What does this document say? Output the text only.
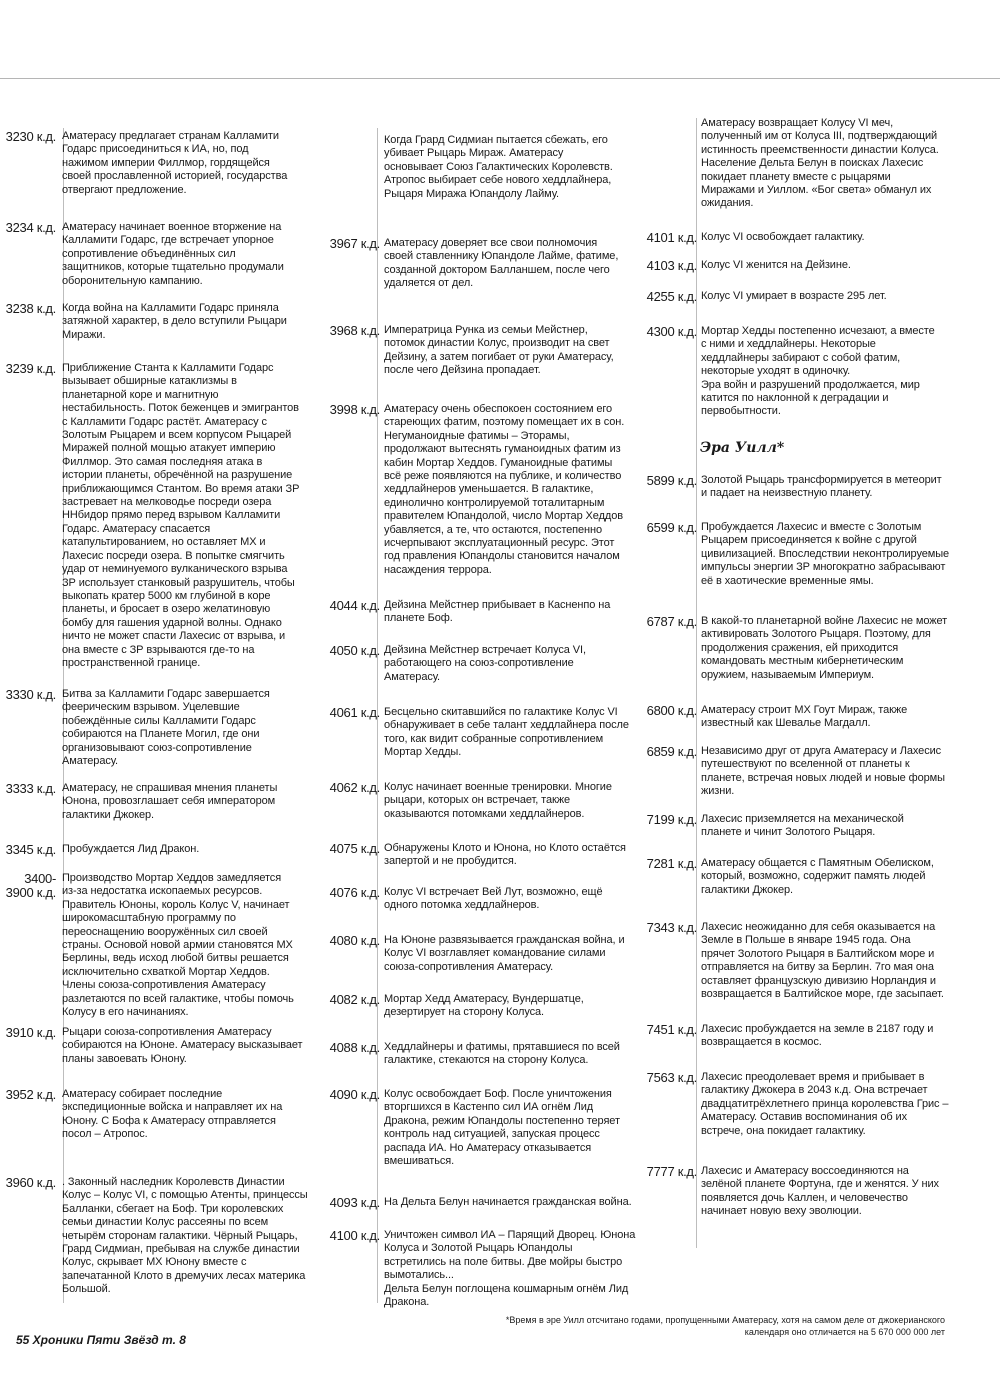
3230 к.д. Аматерасу предлагает странам Калламити
Годарс присоединиться к ИА, но, под
нажимом империи Филлмор, гордящейся
своей прославленной историей, государства
отвергают предложение.
3234 к.д. Аматерасу начинает военное вторжение на
Калламити Годарс, где встречает упорное
сопротивление объединённых сил
защитников, которые тщательно продумали
оборонительную кампанию.
3238 к.д. Когда война на Калламити Годарс приняла
затяжной характер, в дело вступили Рыцари
Миражи.
3239 к.д. Приближение Станта к Калламити Годарс
вызывает обширные катаклизмы в
планетарной коре и магнитную
нестабильность. Поток беженцев и эмигрантов
с Калламити Годарс растёт. Аматерасу с
Золотым Рыцарем и всем корпусом Рыцарей
Миражей полной мощью атакует империю
Филлмор. Это самая последняя атака в
истории планеты, обречённой на разрушение
приближающимся Стантом. Во время атаки ЗР
застревает на мелководье посреди озера
ННбидор прямо перед взрывом Калламити
Годарс. Аматерасу спасается
катапультированием, но оставляет МХ и
Лахесис посреди озера. В попытке смягчить
удар от неминуемого вулканического взрыва
ЗР использует станковый разрушитель, чтобы
выкопать кратер 5000 км глубиной в коре
планеты, и бросает в озеро желатиновую
бомбу для гашения ударной волны. Однако
ничто не может спасти Лахесис от взрыва, и
она вместе с ЗР взрываются где-то на
пространственной границе.
3330 к.д. Битва за Калламити Годарс завершается
феерическим взрывом. Уцелевшие
побеждённые силы Калламити Годарс
собираются на Планете Могил, где они
организовывают союз-сопротивление
Аматерасу.
3333 к.д. Аматерасу, не спрашивая мнения планеты
Юнона, провозглашает себя императором
галактики Джокер.
3345 к.д. Пробуждается Лид Дракон.
3400-
3900 к.д.
Производство Мортар Хеддов замедляется
из-за недостатка ископаемых ресурсов.
Правитель Юноны, король Колус V, начинает
широкомасштабную программу по
переоснащению вооружённых сил своей
страны. Основой новой армии становятся МХ
Берлины, ведь исход любой битвы решается
исключительно схваткой Мортар Хеддов.
Члены союза-сопротивления Аматерасу
разлетаются по всей галактике, чтобы помочь
Колусу в его начинаниях.
3910 к.д. Рыцари союза-сопротивления Аматерасу
собираются на Юноне. Аматерасу высказывает
планы завоевать Юнону.
3952 к.д. Аматерасу собирает последние
экспедиционные войска и направляет их на
Юнону. С Бофа к Аматерасу отправляется
посол – Атропос.
3960 к.д. . Законный наследник Королевств Династии
Колус – Колус VI, с помощью Атенты, принцессы
Балланки, сбегает на Боф. Три королевских
семьи династии Колус рассеяны по всем
четырём сторонам галактики. Чёрный Рыцарь,
Грард Сидмиан, пребывая на службе династии
Колус, скрывает МХ Юнону вместе с
запечатанной Клото в дремучих лесах материка
Большой.
Когда Грард Сидмиан пытается сбежать, его
убивает Рыцарь Мираж. Аматерасу
основывает Союз Галактических Королевств.
Атропос выбирает себе нового хеддлайнера,
Рыцаря Миража Юпандолу Лайму.
3967 к.д. Аматерасу доверяет все свои полномочия
своей ставленнику Юпандоле Лайме, фатиме,
созданной доктором Балланшем, после чего
удаляется от дел.
3968 к.д. Императрица Рунка из семьи Мейстнер,
потомок династии Колус, производит на свет
Дейзину, а затем погибает от руки Аматерасу,
после чего Дейзина пропадает.
3998 к.д. Аматерасу очень обеспокоен состоянием его
стареющих фатим, поэтому помещает их в сон.
Негуманоидные фатимы – Эторамы,
продолжают вытеснять гуманоидных фатим из
кабин Мортар Хеддов. Гуманоидные фатимы
всё реже появляются на публике, и количество
хеддлайнеров уменьшается. В галактике,
единолично контролируемой тоталитарным
правителем Юпандолой, число Мортар Хеддов
убавляется, а те, что остаются, постепенно
исчерпывают эксплуатационный ресурс. Этот
год правления Юпандолы становится началом
насаждения террора.
4044 к.д. Дейзина Мейстнер прибывает в Касненпо на
планете Боф.
4050 к.д. Дейзина Мейстнер встречает Колуса VI,
работающего на союз-сопротивление
Аматерасу.
4061 к.д. Бесцельно скитавшийся по галактике Колус VI
обнаруживает в себе талант хеддлайнера после
того, как видит собранные сопротивлением
Мортар Хедды.
4062 к.д. Колус начинает военные тренировки. Многие
рыцари, которых он встречает, также
оказываются потомками хеддлайнеров.
4075 к.д. Обнаружены Клото и Юнона, но Клото остаётся
запертой и не пробудится.
4076 к.д. Колус VI встречает Вей Лут, возможно, ещё
одного потомка хеддлайнеров.
4080 к.д. На Юноне развязывается гражданская война, и
Колус VI возглавляет командование силами
союза-сопротивления Аматерасу.
4082 к.д. Мортар Хедд Аматерасу, Вундершатце,
дезертирует на сторону Колуса.
4088 к.д. Хеддлайнеры и фатимы, прятавшиеся по всей
галактике, стекаются на сторону Колуса.
4090 к.д. Колус освобождает Боф. После уничтожения
вторгшихся в Кастенпо сил ИА огнём Лид
Дракона, режим Юпандолы постепенно теряет
контроль над ситуацией, запуская процесс
распада ИА. Но Аматерасу отказывается
вмешиваться.
4093 к.д. На Дельта Белун начинается гражданская война.
4100 к.д. Уничтожен символ ИА – Парящий Дворец. Юнона
Колуса и Золотой Рыцарь Юпандолы
встретились на поле битвы. Две мойры быстро
вымотались...
Дельта Белун поглощена кошмарным огнём Лид
Дракона.
Аматерасу возвращает Колусу VI меч,
полученный им от Колуса III, подтверждающий
истинность преемственности династии Колуса.
Население Дельта Белун в поисках Лахесис
покидает планету вместе с рыцарями
Миражами и Уиллом. «Бог света» обманул их
ожидания.
4101 к.д. Колус VI освобождает галактику.
4103 к.д. Колус VI женится на Дейзине.
4255 к.д. Колус VI умирает в возрасте 295 лет.
4300 к.д. Мортар Хедды постепенно исчезают, а вместе
с ними и хеддлайнеры. Некоторые
хеддлайнеры забирают с собой фатим,
некоторые уходят в одиночку.
Эра войн и разрушений продолжается, мир
катится по наклонной к деградации и
первобытности.
Эра Уилл*
5899 к.д. Золотой Рыцарь трансформируется в метеорит
и падает на неизвестную планету.
6599 к.д. Пробуждается Лахесис и вместе с Золотым
Рыцарем присоединяется к войне с другой
цивилизацией. Впоследствии неконтролируемые
импульсы энергии ЗР многократно забрасывают
её в хаотические временные ямы.
6787 к.д. В какой-то планетарной войне Лахесис не может
активировать Золотого Рыцаря. Поэтому, для
продолжения сражения, ей приходится
командовать местным кибернетическим
оружием, называемым Империум.
6800 к.д. Аматерасу строит МХ Гоут Мираж, также
известный как Шевалье Магдалл.
6859 к.д. Независимо друг от друга Аматерасу и Лахесис
путешествуют по вселенной от планеты к
планете, встречая новых людей и новые формы
жизни.
7199 к.д. Лахесис приземляется на механической
планете и чинит Золотого Рыцаря.
7281 к.д. Аматерасу общается с Памятным Обелиском,
который, возможно, содержит память людей
галактики Джокер.
7343 к.д. Лахесис неожиданно для себя оказывается на
Земле в Польше в январе 1945 года. Она
прячет Золотого Рыцаря в Балтийском море и
отправляется на битву за Берлин. 7го мая она
оставляет французскую дивизию Норландия и
возвращается в Балтийское море, где засыпает.
7451 к.д. Лахесис пробуждается на земле в 2187 году и
возвращается в космос.
7563 к.д. Лахесис преодолевает время и прибывает в
галактику Джокера в 2043 к.д. Она встречает
двадцатитрёхлетнего принца королевства Грис –
Аматерасу. Оставив воспоминания об их
встрече, она покидает галактику.
7777 к.д. Лахесис и Аматерасу воссоединяются на
зелёной планете Фортуна, где и женятся. У них
появляется дочь Каллен, и человечество
начинает новую веху эволюции.
*Время в эре Уилл отсчитано годами, пропущенными Аматерасу, хотя на самом деле от джокерианского
календаря оно отличается на 5 670 000 000 лет
55 Хроники Пяти Звёзд т. 8
